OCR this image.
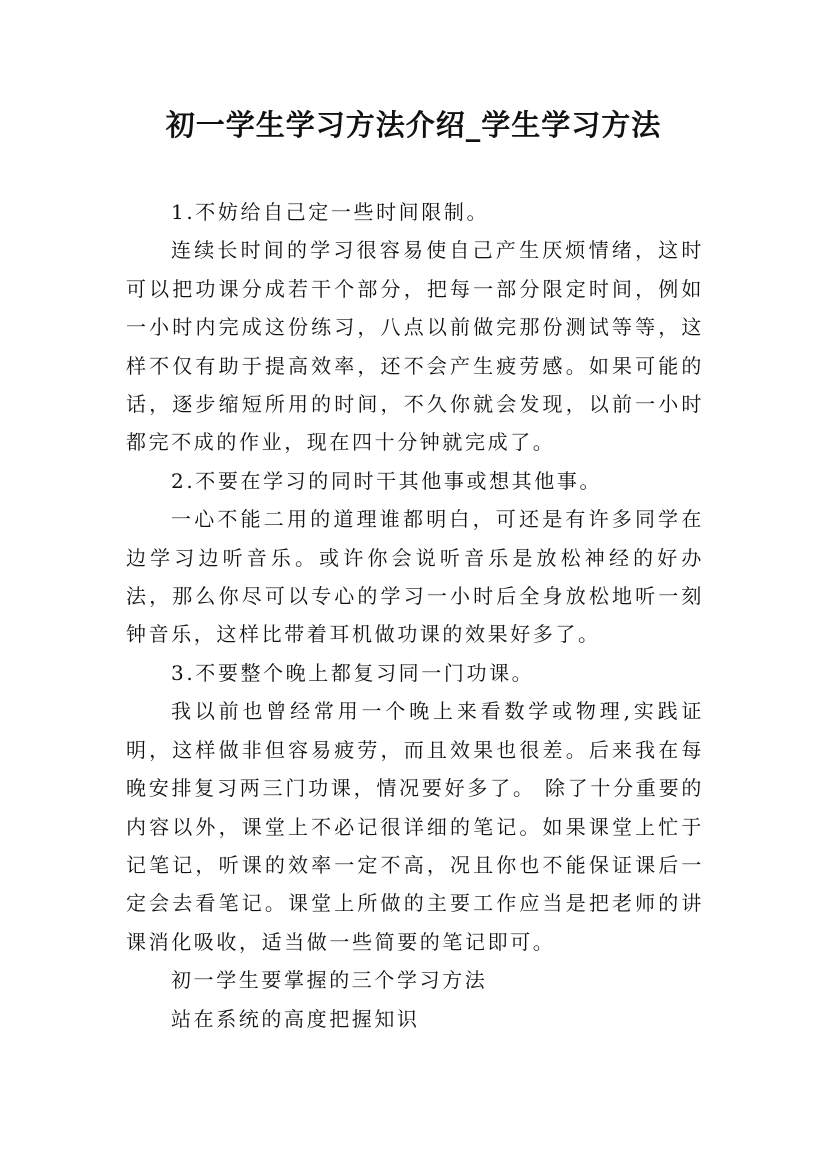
初一学生学习方法介绍_学生学习方法

1.不妨给自己定一些时间限制。

连续长时间的学习很容易使自己产生厌烦情绪，这时可以把功课分成若干个部分，把每一部分限定时间，例如一小时内完成这份练习，八点以前做完那份测试等等，这样不仅有助于提高效率，还不会产生疲劳感。如果可能的话，逐步缩短所用的时间，不久你就会发现，以前一小时都完不成的作业，现在四十分钟就完成了。

2.不要在学习的同时干其他事或想其他事。

一心不能二用的道理谁都明白，可还是有许多同学在边学习边听音乐。或许你会说听音乐是放松神经的好办法，那么你尽可以专心的学习一小时后全身放松地听一刻钟音乐，这样比带着耳机做功课的效果好多了。

3.不要整个晚上都复习同一门功课。

我以前也曾经常用一个晚上来看数学或物理,实践证明，这样做非但容易疲劳，而且效果也很差。后来我在每晚安排复习两三门功课，情况要好多了。 除了十分重要的内容以外，课堂上不必记很详细的笔记。如果课堂上忙于记笔记，听课的效率一定不高，况且你也不能保证课后一定会去看笔记。课堂上所做的主要工作应当是把老师的讲课消化吸收，适当做一些简要的笔记即可。

初一学生要掌握的三个学习方法

站在系统的高度把握知识
